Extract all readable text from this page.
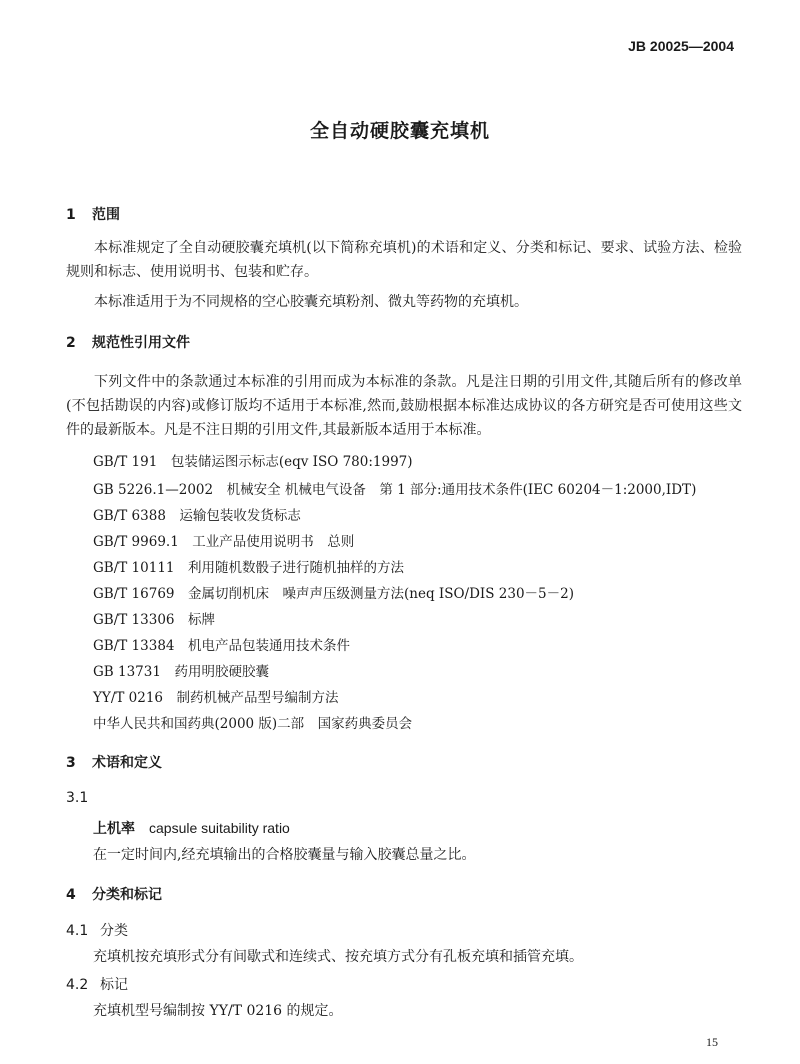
JB 20025—2004
全自动硬胶囊充填机
1 范围
本标准规定了全自动硬胶囊充填机(以下简称充填机)的术语和定义、分类和标记、要求、试验方法、检验规则和标志、使用说明书、包装和贮存。
本标准适用于为不同规格的空心胶囊充填粉剂、微丸等药物的充填机。
2 规范性引用文件
下列文件中的条款通过本标准的引用而成为本标准的条款。凡是注日期的引用文件,其随后所有的修改单(不包括勘误的内容)或修订版均不适用于本标准,然而,鼓励根据本标准达成协议的各方研究是否可使用这些文件的最新版本。凡是不注日期的引用文件,其最新版本适用于本标准。
GB/T 191　包装储运图示标志(eqv ISO 780:1997)
GB 5226.1—2002　机械安全 机械电气设备　第 1 部分:通用技术条件(IEC 60204－1:2000,IDT)
GB/T 6388　运输包装收发货标志
GB/T 9969.1　工业产品使用说明书　总则
GB/T 10111　利用随机数骰子进行随机抽样的方法
GB/T 16769　金属切削机床　噪声声压级测量方法(neq ISO/DIS 230－5－2)
GB/T 13306　标牌
GB/T 13384　机电产品包装通用技术条件
GB 13731　药用明胶硬胶囊
YY/T 0216　制药机械产品型号编制方法
中华人民共和国药典(2000 版)二部　国家药典委员会
3 术语和定义
3.1
上机率 capsule suitability ratio
在一定时间内,经充填输出的合格胶囊量与输入胶囊总量之比。
4 分类和标记
4.1 分类
充填机按充填形式分有间歇式和连续式、按充填方式分有孔板充填和插管充填。
4.2 标记
充填机型号编制按 YY/T 0216 的规定。
15
